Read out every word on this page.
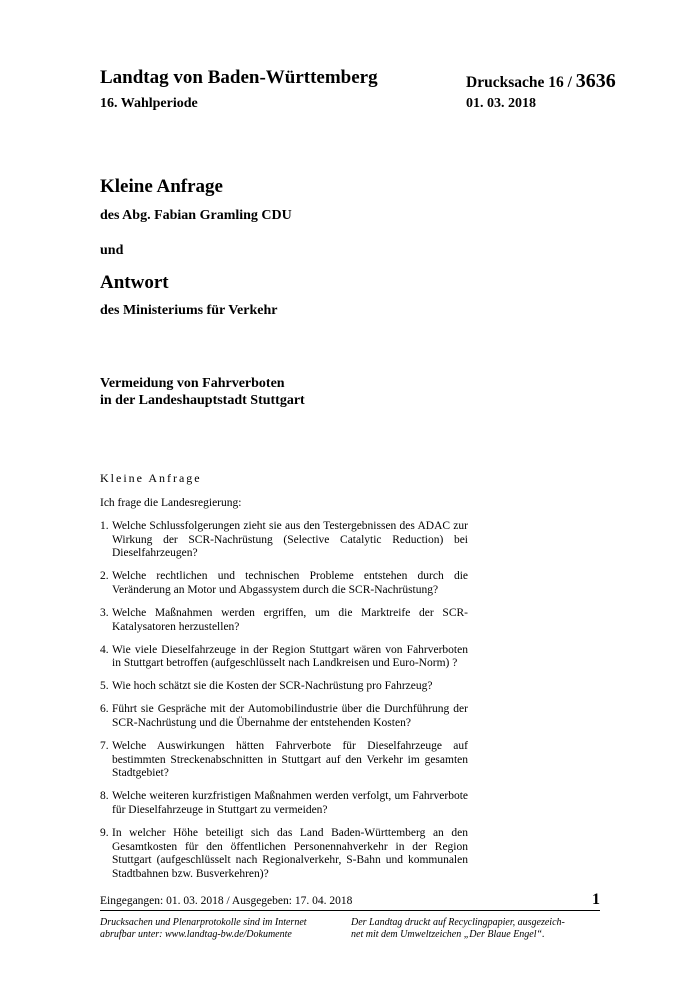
Landtag von Baden-Württemberg	Drucksache 16 / 3636
16. Wahlperiode	01. 03. 2018
Kleine Anfrage
des Abg. Fabian Gramling CDU
und
Antwort
des Ministeriums für Verkehr
Vermeidung von Fahrverboten
in der Landeshauptstadt Stuttgart
Kleine Anfrage
Ich frage die Landesregierung:
1. Welche Schlussfolgerungen zieht sie aus den Testergebnissen des ADAC zur Wirkung der SCR-Nachrüstung (Selective Catalytic Reduction) bei Dieselfahrzeugen?
2. Welche rechtlichen und technischen Probleme entstehen durch die Veränderung an Motor und Abgassystem durch die SCR-Nachrüstung?
3. Welche Maßnahmen werden ergriffen, um die Marktreife der SCR-Katalysatoren herzustellen?
4. Wie viele Dieselfahrzeuge in der Region Stuttgart wären von Fahrverboten in Stuttgart betroffen (aufgeschlüsselt nach Landkreisen und Euro-Norm) ?
5. Wie hoch schätzt sie die Kosten der SCR-Nachrüstung pro Fahrzeug?
6. Führt sie Gespräche mit der Automobilindustrie über die Durchführung der SCR-Nachrüstung und die Übernahme der entstehenden Kosten?
7. Welche Auswirkungen hätten Fahrverbote für Dieselfahrzeuge auf bestimmten Streckenabschnitten in Stuttgart auf den Verkehr im gesamten Stadtgebiet?
8. Welche weiteren kurzfristigen Maßnahmen werden verfolgt, um Fahrverbote für Dieselfahrzeuge in Stuttgart zu vermeiden?
9. In welcher Höhe beteiligt sich das Land Baden-Württemberg an den Gesamtkosten für den öffentlichen Personennahverkehr in der Region Stuttgart (aufgeschlüsselt nach Regionalverkehr, S-Bahn und kommunalen Stadtbahnen bzw. Busverkehren)?
Eingegangen: 01. 03. 2018 / Ausgegeben: 17. 04. 2018	1
Drucksachen und Plenarprotokolle sind im Internet
abrufbar unter: www.landtag-bw.de/Dokumente
Der Landtag druckt auf Recyclingpapier, ausgezeich-
net mit dem Umweltzeichen „Der Blaue Engel“.
